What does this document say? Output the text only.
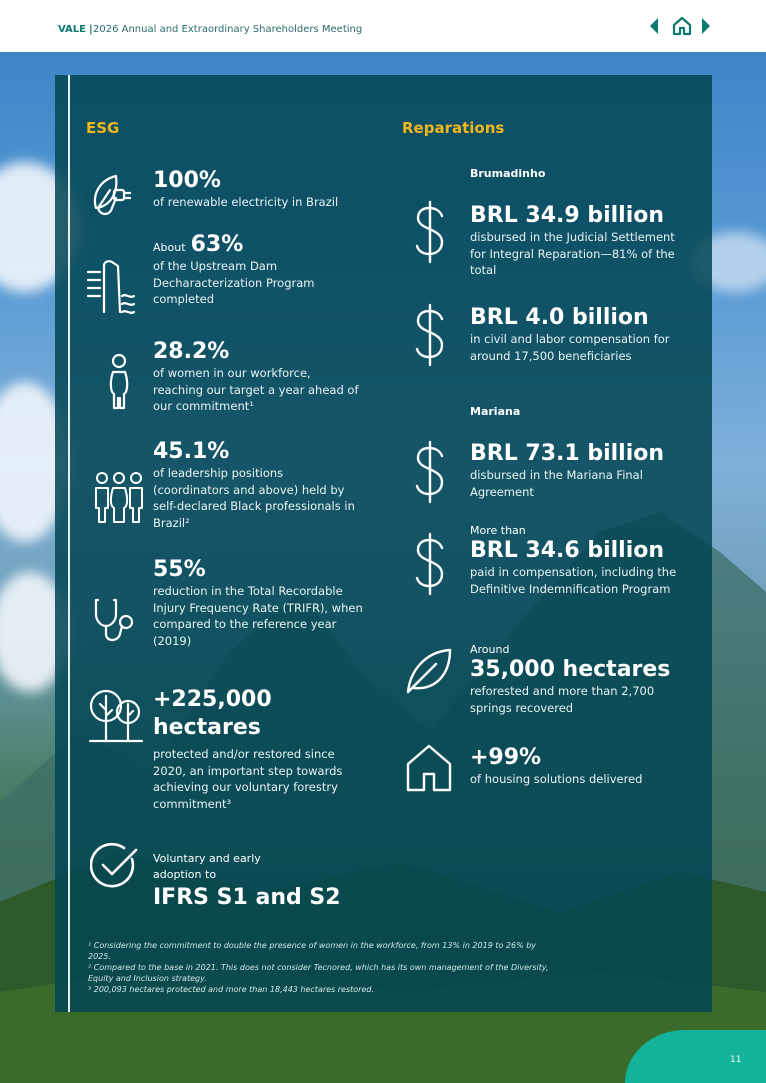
VALE | 2026 Annual and Extraordinary Shareholders Meeting
ESG
100%
of renewable electricity in Brazil
About 63%
of the Upstream Dam Decharacterization Program completed
28.2%
of women in our workforce, reaching our target a year ahead of our commitment¹
45.1%
of leadership positions (coordinators and above) held by self-declared Black professionals in Brazil²
55%
reduction in the Total Recordable Injury Frequency Rate (TRIFR), when compared to the reference year (2019)
+225,000 hectares
protected and/or restored since 2020, an important step towards achieving our voluntary forestry commitment³
Voluntary and early adoption to
IFRS S1 and S2
Reparations
Brumadinho
BRL 34.9 billion
disbursed in the Judicial Settlement for Integral Reparation—81% of the total
BRL 4.0 billion
in civil and labor compensation for around 17,500 beneficiaries
Mariana
BRL 73.1 billion
disbursed in the Mariana Final Agreement
More than
BRL 34.6 billion
paid in compensation, including the Definitive Indemnification Program
Around
35,000 hectares
reforested and more than 2,700 springs recovered
+99%
of housing solutions delivered
¹ Considering the commitment to double the presence of women in the workforce, from 13% in 2019 to 26% by 2025.
² Compared to the base in 2021. This does not consider Tecnored, which has its own management of the Diversity, Equity and Inclusion strategy.
³ 200,093 hectares protected and more than 18,443 hectares restored.
11
